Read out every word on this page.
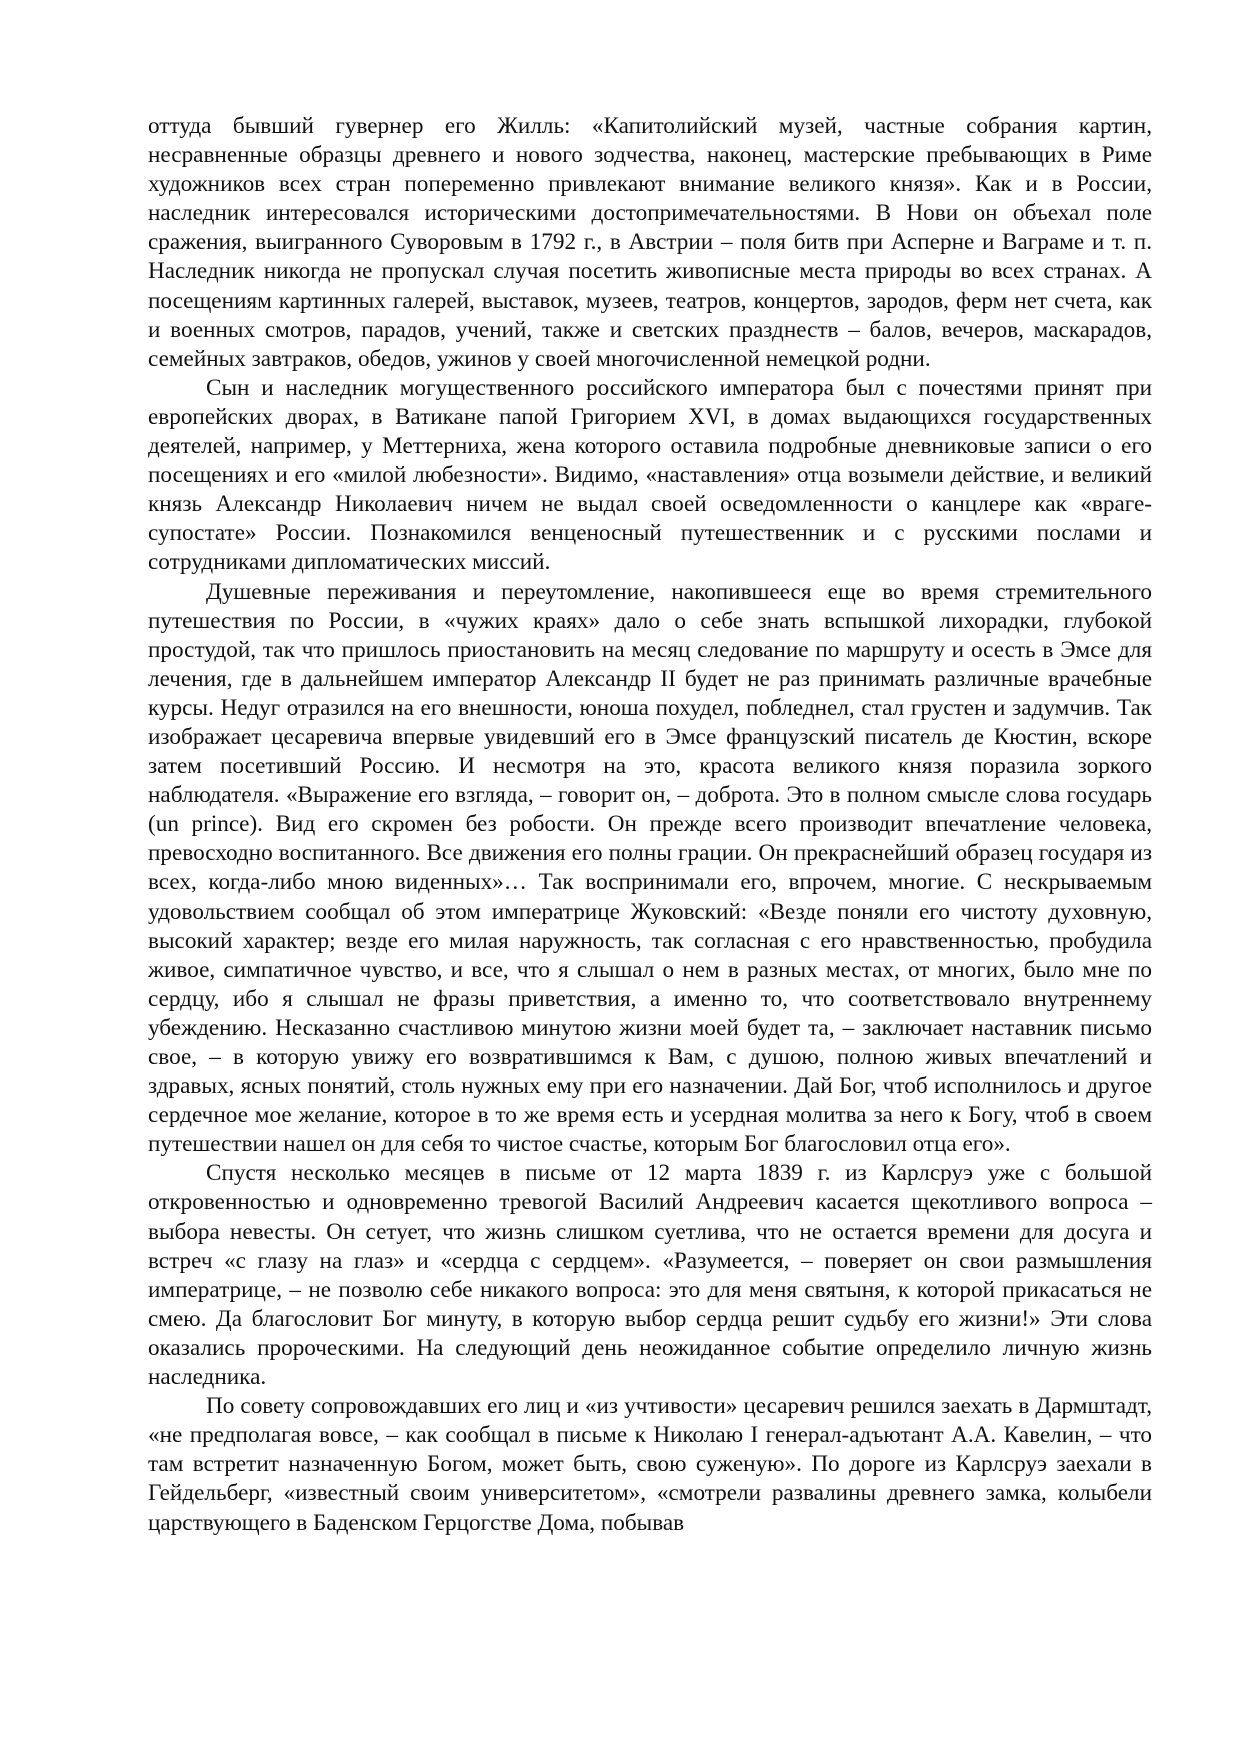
оттуда бывший гувернер его Жилль: «Капитолийский музей, частные собрания картин, несравненные образцы древнего и нового зодчества, наконец, мастерские пребывающих в Риме художников всех стран попеременно привлекают внимание великого князя». Как и в России, наследник интересовался историческими достопримечательностями. В Нови он объехал поле сражения, выигранного Суворовым в 1792 г., в Австрии – поля битв при Асперне и Ваграме и т. п. Наследник никогда не пропускал случая посетить живописные места природы во всех странах. А посещениям картинных галерей, выставок, музеев, театров, концертов, зародов, ферм нет счета, как и военных смотров, парадов, учений, также и светских празднеств – балов, вечеров, маскарадов, семейных завтраков, обедов, ужинов у своей многочисленной немецкой родни.

Сын и наследник могущественного российского императора был с почестями принят при европейских дворах, в Ватикане папой Григорием XVI, в домах выдающихся государственных деятелей, например, у Меттерниха, жена которого оставила подробные дневниковые записи о его посещениях и его «милой любезности». Видимо, «наставления» отца возымели действие, и великий князь Александр Николаевич ничем не выдал своей осведомленности о канцлере как «враге-супостате» России. Познакомился венценосный путешественник и с русскими послами и сотрудниками дипломатических миссий.

Душевные переживания и переутомление, накопившееся еще во время стремительного путешествия по России, в «чужих краях» дало о себе знать вспышкой лихорадки, глубокой простудой, так что пришлось приостановить на месяц следование по маршруту и осесть в Эмсе для лечения, где в дальнейшем император Александр II будет не раз принимать различные врачебные курсы. Недуг отразился на его внешности, юноша похудел, побледнел, стал грустен и задумчив. Так изображает цесаревича впервые увидевший его в Эмсе французский писатель де Кюстин, вскоре затем посетивший Россию. И несмотря на это, красота великого князя поразила зоркого наблюдателя. «Выражение его взгляда, – говорит он, – доброта. Это в полном смысле слова государь (un prince). Вид его скромен без робости. Он прежде всего производит впечатление человека, превосходно воспитанного. Все движения его полны грации. Он прекраснейший образец государя из всех, когда-либо мною виденных»… Так воспринимали его, впрочем, многие. С нескрываемым удовольствием сообщал об этом императрице Жуковский: «Везде поняли его чистоту духовную, высокий характер; везде его милая наружность, так согласная с его нравственностью, пробудила живое, симпатичное чувство, и все, что я слышал о нем в разных местах, от многих, было мне по сердцу, ибо я слышал не фразы приветствия, а именно то, что соответствовало внутреннему убеждению. Несказанно счастливою минутою жизни моей будет та, – заключает наставник письмо свое, – в которую увижу его возвратившимся к Вам, с душою, полною живых впечатлений и здравых, ясных понятий, столь нужных ему при его назначении. Дай Бог, чтоб исполнилось и другое сердечное мое желание, которое в то же время есть и усердная молитва за него к Богу, чтоб в своем путешествии нашел он для себя то чистое счастье, которым Бог благословил отца его».

Спустя несколько месяцев в письме от 12 марта 1839 г. из Карлсруэ уже с большой откровенностью и одновременно тревогой Василий Андреевич касается щекотливого вопроса – выбора невесты. Он сетует, что жизнь слишком суетлива, что не остается времени для досуга и встреч «с глазу на глаз» и «сердца с сердцем». «Разумеется, – поверяет он свои размышления императрице, – не позволю себе никакого вопроса: это для меня святыня, к которой прикасаться не смею. Да благословит Бог минуту, в которую выбор сердца решит судьбу его жизни!» Эти слова оказались пророческими. На следующий день неожиданное событие определило личную жизнь наследника.

По совету сопровождавших его лиц и «из учтивости» цесаревич решился заехать в Дармштадт, «не предполагая вовсе, – как сообщал в письме к Николаю I генерал-адъютант А.А. Кавелин, – что там встретит назначенную Богом, может быть, свою суженую». По дороге из Карлсруэ заехали в Гейдельберг, «известный своим университетом», «смотрели развалины древнего замка, колыбели царствующего в Баденском Герцогстве Дома, побывав
